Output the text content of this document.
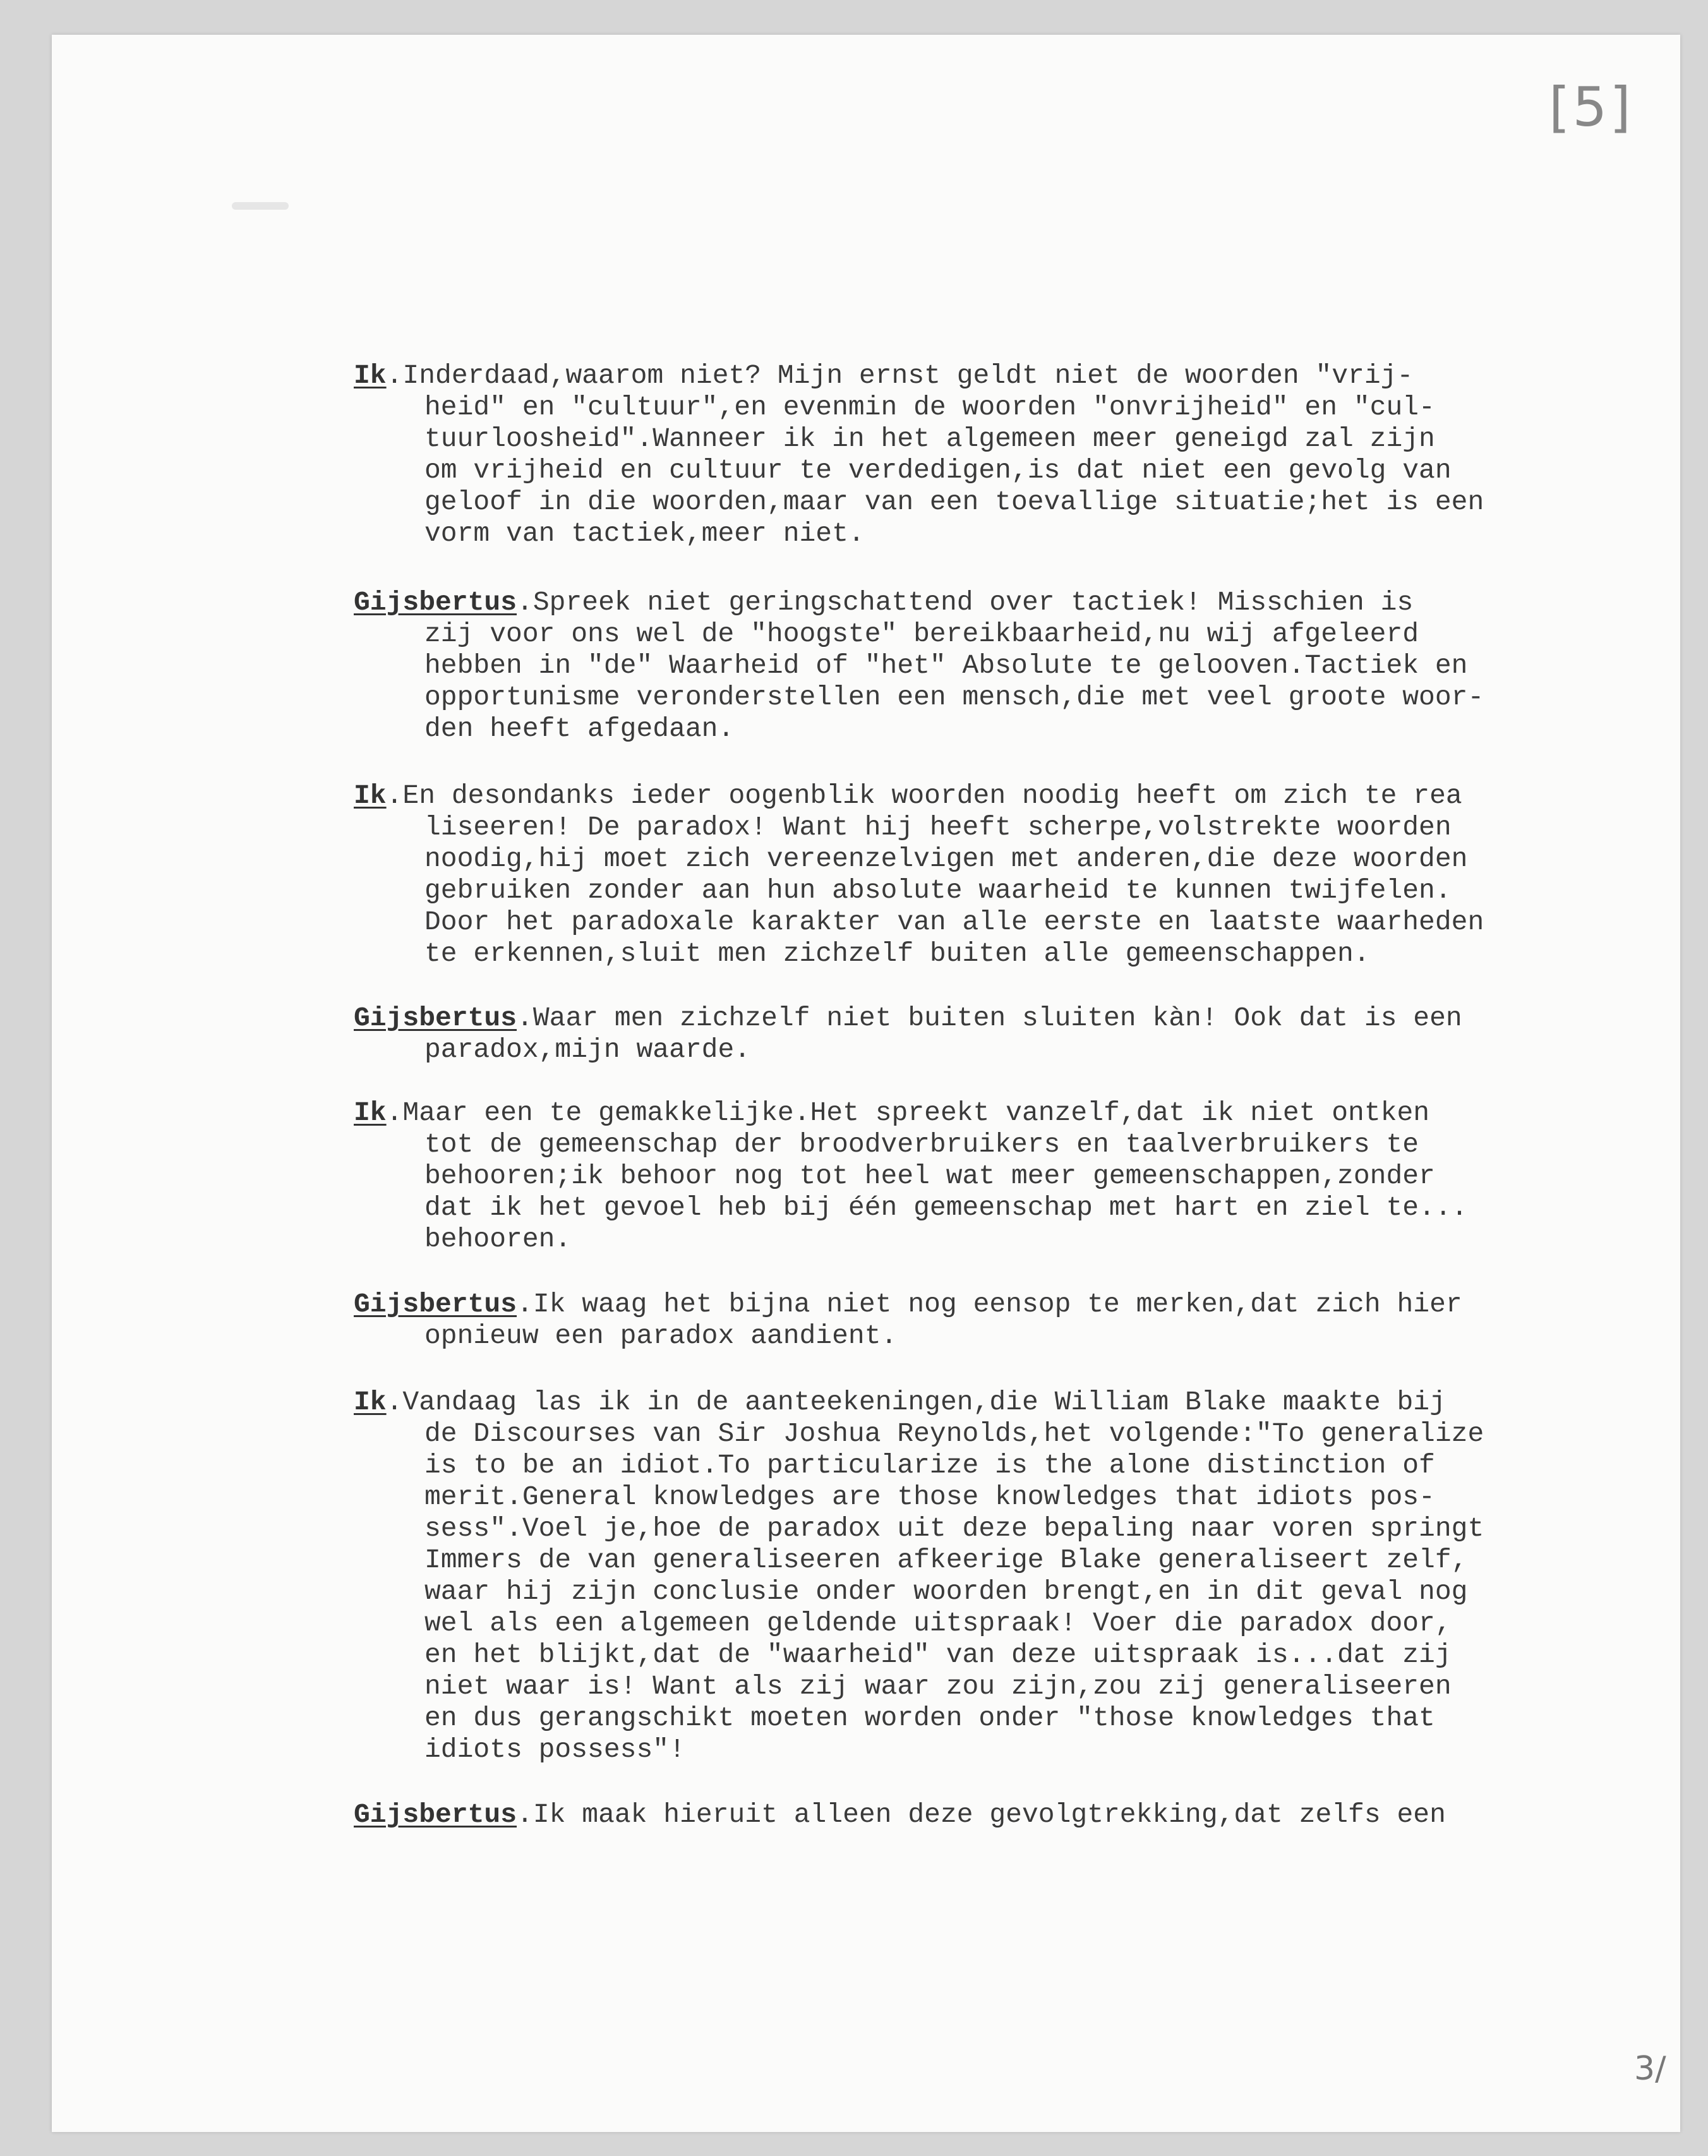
[5]
3/
Ik.Inderdaad,waarom niet? Mijn ernst geldt niet de woorden "vrij-
heid" en "cultuur",en evenmin de woorden "onvrijheid" en "cul-
tuurloosheid".Wanneer ik in het algemeen meer geneigd zal zijn
om vrijheid en cultuur te verdedigen,is dat niet een gevolg van
geloof in die woorden,maar van een toevallige situatie;het is een
vorm van tactiek,meer niet.
Gijsbertus.Spreek niet geringschattend over tactiek! Misschien is
zij voor ons wel de "hoogste" bereikbaarheid,nu wij afgeleerd
hebben in "de" Waarheid of "het" Absolute te gelooven.Tactiek en
opportunisme veronderstellen een mensch,die met veel groote woor-
den heeft afgedaan.
Ik.En desondanks ieder oogenblik woorden noodig heeft om zich te rea
liseeren! De paradox! Want hij heeft scherpe,volstrekte woorden
noodig,hij moet zich vereenzelvigen met anderen,die deze woorden
gebruiken zonder aan hun absolute waarheid te kunnen twijfelen.
Door het paradoxale karakter van alle eerste en laatste waarheden
te erkennen,sluit men zichzelf buiten alle gemeenschappen.
Gijsbertus.Waar men zichzelf niet buiten sluiten kàn! Ook dat is een
paradox,mijn waarde.
Ik.Maar een te gemakkelijke.Het spreekt vanzelf,dat ik niet ontken
tot de gemeenschap der broodverbruikers en taalverbruikers te
behooren;ik behoor nog tot heel wat meer gemeenschappen,zonder
dat ik het gevoel heb bij één gemeenschap met hart en ziel te...
behooren.
Gijsbertus.Ik waag het bijna niet nog eensop te merken,dat zich hier
opnieuw een paradox aandient.
Ik.Vandaag las ik in de aanteekeningen,die William Blake maakte bij
de Discourses van Sir Joshua Reynolds,het volgende:"To generalize
is to be an idiot.To particularize is the alone distinction of
merit.General knowledges are those knowledges that idiots pos-
sess".Voel je,hoe de paradox uit deze bepaling naar voren springt
Immers de van generaliseeren afkeerige Blake generaliseert zelf,
waar hij zijn conclusie onder woorden brengt,en in dit geval nog
wel als een algemeen geldende uitspraak! Voer die paradox door,
en het blijkt,dat de "waarheid" van deze uitspraak is...dat zij
niet waar is! Want als zij waar zou zijn,zou zij generaliseeren
en dus gerangschikt moeten worden onder "those knowledges that
idiots possess"!
Gijsbertus.Ik maak hieruit alleen deze gevolgtrekking,dat zelfs een
